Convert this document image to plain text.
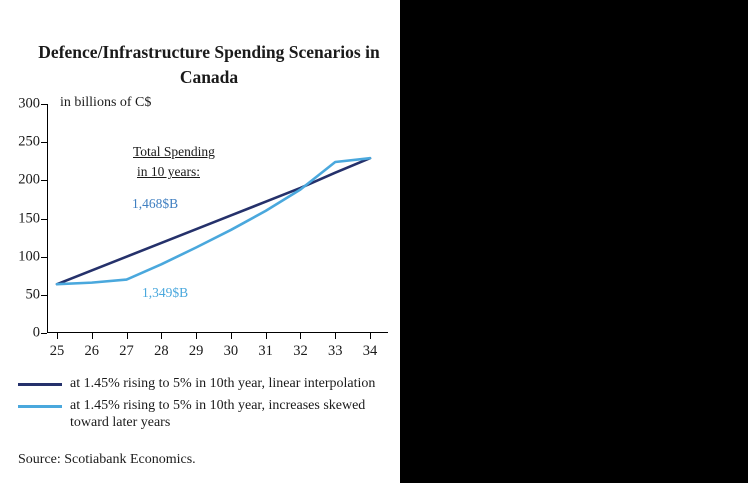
Defence/Infrastructure Spending Scenarios in Canada
in billions of C$
0
50
100
150
200
250
300
25 26 27 28 29 30 31 32 33 34
Total Spending
in 10 years:
1,468$B
1,349$B
at 1.45% rising to 5% in 10th year, linear interpolation
at 1.45% rising to 5% in 10th year, increases skewed toward later years
Source: Scotiabank Economics.
